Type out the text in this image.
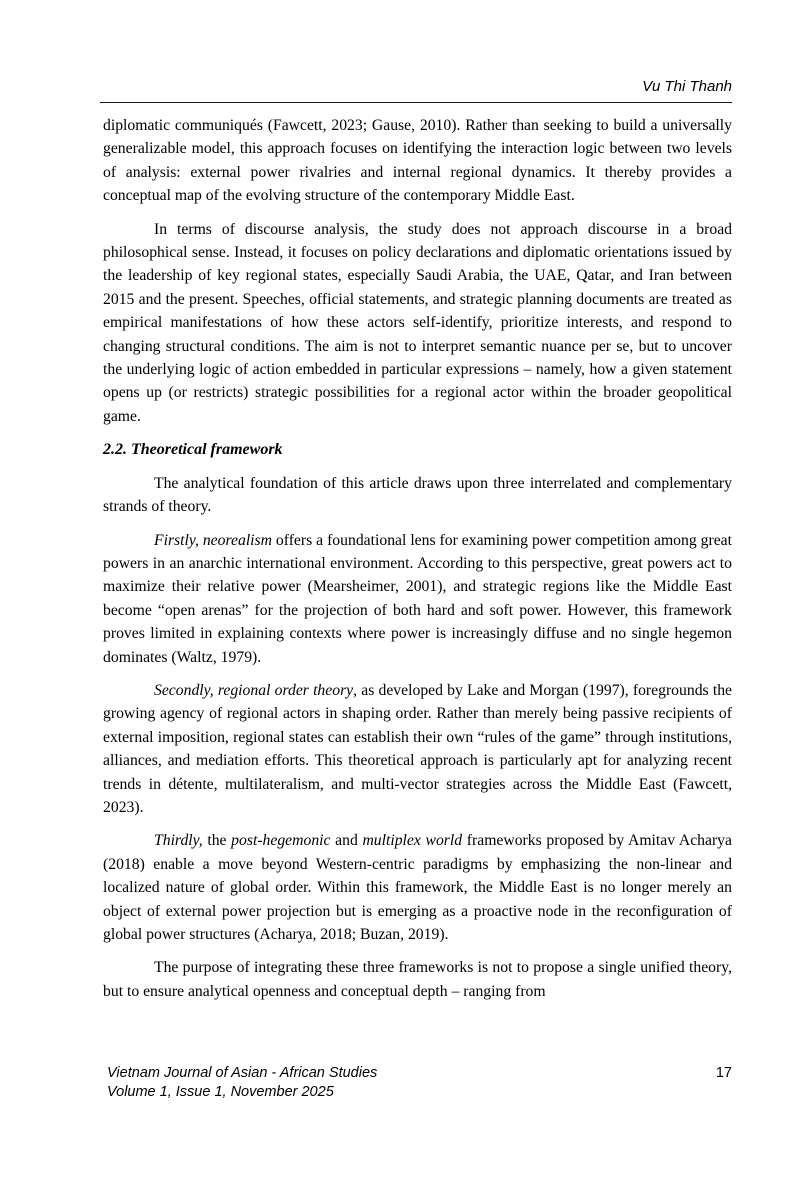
Vu Thi Thanh

diplomatic communiqués (Fawcett, 2023; Gause, 2010). Rather than seeking to build a universally generalizable model, this approach focuses on identifying the interaction logic between two levels of analysis: external power rivalries and internal regional dynamics. It thereby provides a conceptual map of the evolving structure of the contemporary Middle East.

In terms of discourse analysis, the study does not approach discourse in a broad philosophical sense. Instead, it focuses on policy declarations and diplomatic orientations issued by the leadership of key regional states, especially Saudi Arabia, the UAE, Qatar, and Iran between 2015 and the present. Speeches, official statements, and strategic planning documents are treated as empirical manifestations of how these actors self-identify, prioritize interests, and respond to changing structural conditions. The aim is not to interpret semantic nuance per se, but to uncover the underlying logic of action embedded in particular expressions – namely, how a given statement opens up (or restricts) strategic possibilities for a regional actor within the broader geopolitical game.

2.2. Theoretical framework

The analytical foundation of this article draws upon three interrelated and complementary strands of theory.

Firstly, neorealism offers a foundational lens for examining power competition among great powers in an anarchic international environment. According to this perspective, great powers act to maximize their relative power (Mearsheimer, 2001), and strategic regions like the Middle East become “open arenas” for the projection of both hard and soft power. However, this framework proves limited in explaining contexts where power is increasingly diffuse and no single hegemon dominates (Waltz, 1979).

Secondly, regional order theory, as developed by Lake and Morgan (1997), foregrounds the growing agency of regional actors in shaping order. Rather than merely being passive recipients of external imposition, regional states can establish their own “rules of the game” through institutions, alliances, and mediation efforts. This theoretical approach is particularly apt for analyzing recent trends in détente, multilateralism, and multi-vector strategies across the Middle East (Fawcett, 2023).

Thirdly, the post-hegemonic and multiplex world frameworks proposed by Amitav Acharya (2018) enable a move beyond Western-centric paradigms by emphasizing the non-linear and localized nature of global order. Within this framework, the Middle East is no longer merely an object of external power projection but is emerging as a proactive node in the reconfiguration of global power structures (Acharya, 2018; Buzan, 2019).

The purpose of integrating these three frameworks is not to propose a single unified theory, but to ensure analytical openness and conceptual depth – ranging from

Vietnam Journal of Asian - African Studies
Volume 1, Issue 1, November 2025
17
